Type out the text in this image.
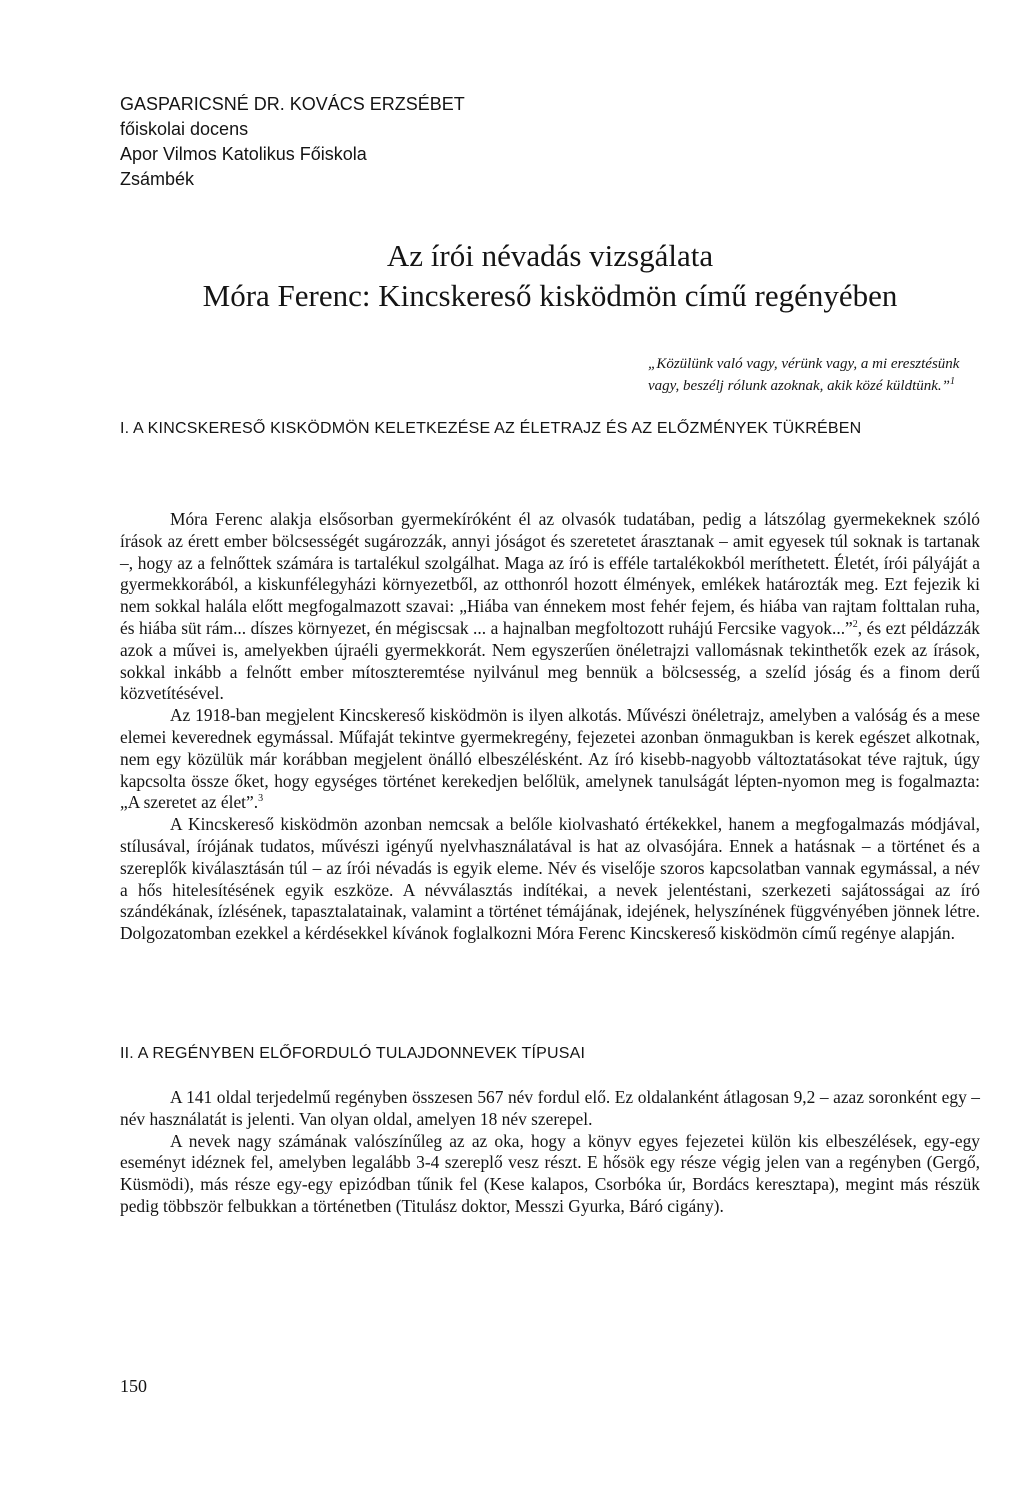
GASPARICSNÉ DR. KOVÁCS ERZSÉBET
főiskolai docens
Apor Vilmos Katolikus Főiskola
Zsámbék
Az írói névadás vizsgálata
Móra Ferenc: Kincskereső kisködmön című regényében
„Közülünk való vagy, vérünk vagy, a mi eresztésünk vagy, beszélj rólunk azoknak, akik közé küldtünk.”$^1$
I. A KINCSKERESŐ KISKÖDMÖN KELETKEZÉSE AZ ÉLETRAJZ ÉS AZ ELŐZMÉNYEK TÜKRÉBEN

Móra Ferenc alakja elsősorban gyermekíróként él az olvasók tudatában, pedig a látszólag gyermekeknek szóló írások az érett ember bölcsességét sugározzák, annyi jóságot és szeretetet árasztanak – amit egyesek túl soknak is tartanak –, hogy az a felnőttek számára is tartalékul szolgálhat. Maga az író is efféle tartalékokból meríthetett. Életét, írói pályáját a gyermekkorából, a kiskunfélegyházi környezetből, az otthonról hozott élmények, emlékek határozták meg. Ezt fejezik ki nem sokkal halála előtt megfogalmazott szavai: „Hiába van énnekem most fehér fejem, és hiába van rajtam folttalan ruha, és hiába süt rám... díszes környezet, én mégiscsak ... a hajnalban megfoltozott ruhájú Fercsike vagyok...”$^2$, és ezt példázzák azok a művei is, amelyekben újraéli gyermekkorát. Nem egyszerűen önéletrajzi vallomásnak tekinthetők ezek az írások, sokkal inkább a felnőtt ember mítoszteremtése nyilvánul meg bennük a bölcsesség, a szelíd jóság és a finom derű közvetítésével.

Az 1918-ban megjelent Kincskereső kisködmön is ilyen alkotás. Művészi önéletrajz, amelyben a valóság és a mese elemei keverednek egymással. Műfaját tekintve gyermekregény, fejezetei azonban önmagukban is kerek egészet alkotnak, nem egy közülük már korábban megjelent önálló elbeszélésként. Az író kisebb-nagyobb változtatásokat téve rajtuk, úgy kapcsolta össze őket, hogy egységes történet kerekedjen belőlük, amelynek tanulságát lépten-nyomon meg is fogalmazta: „A szeretet az élet”.$^3$

A Kincskereső kisködmön azonban nemcsak a belőle kiolvasható értékekkel, hanem a megfogalmazás módjával, stílusával, írójának tudatos, művészi igényű nyelvhasználatával is hat az olvasójára. Ennek a hatásnak – a történet és a szereplők kiválasztásán túl – az írói névadás is egyik eleme. Név és viselője szoros kapcsolatban vannak egymással, a név a hős hitelesítésének egyik eszköze. A névválasztás indítékai, a nevek jelentéstani, szerkezeti sajátosságai az író szándékának, ízlésének, tapasztalatainak, valamint a történet témájának, idejének, helyszínének függvényében jönnek létre. Dolgozatomban ezekkel a kérdésekkel kívánok foglalkozni Móra Ferenc Kincskereső kisködmön című regénye alapján.

II. A REGÉNYBEN ELŐFORDULÓ TULAJDONNEVEK TÍPUSAI

A 141 oldal terjedelmű regényben összesen 567 név fordul elő. Ez oldalanként átlagosan 9,2 – azaz soronként egy – név használatát is jelenti. Van olyan oldal, amelyen 18 név szerepel.

A nevek nagy számának valószínűleg az az oka, hogy a könyv egyes fejezetei külön kis elbeszélések, egy-egy eseményt idéznek fel, amelyben legalább 3-4 szereplő vesz részt. E hősök egy része végig jelen van a regényben (Gergő, Küsmödi), más része egy-egy epizódban tűnik fel (Kese kalapos, Csorbóka úr, Bordács keresztapa), megint más részük pedig többször felbukkan a történetben (Titulász doktor, Messzi Gyurka, Báró cigány).

150
